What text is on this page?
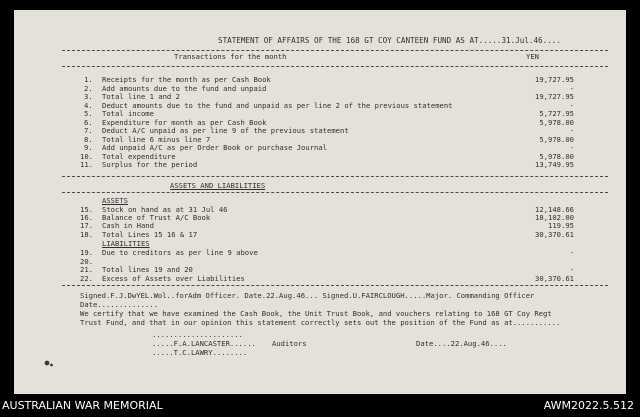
STATEMENT OF AFFAIRS OF THE 168 GT COY CANTEEN FUND AS AT.....31.Jul.46....
Transactions for the month	YEN
1. Receipts for the month as per Cash Book	19,727.95
2. Add amounts due to the fund and unpaid	-
3. Total line 1 and 2	19,727.95
4. Deduct amounts due to the fund and unpaid as per line 2 of the previous statement	-
5. Total income	5,727.95
6. Expenditure for month as per Cash Book	5,978.00
7. Deduct A/C unpaid as per line 9 of the previous statement	-
8. Total line 6 minus line 7	5,978.00
9. Add unpaid A/C as per Order Book or purchase Journal	-
10. Total expenditure	5,978.00
11. Surplus for the period	13,749.95
ASSETS AND LIABILITIES
ASSETS
15. Stock on hand as at 31 Jul 46	12,148.66
16. Balance of Trust A/C Book	18,102.00
17. Cash in Hand	119.95
18. Total Lines 15 16 & 17	30,370.61
LIABILITIES
19. Due to creditors as per line 9 above	-
20.
21. Total lines 19 and 20	-
22. Excess of Assets over Liabilities	30,370.61
Signed.F.J.DwYEL.Wol..forAdm Officer. Date.22.Aug.46... Signed.U.FAIRCLOUGH.....Major. Commanding Officer
Date..............
We certify that we have examined the Cash Book, the Unit Trust Book, and vouchers relating to 168 GT Coy Regt
Trust Fund, and that in our opinion this statement correctly sets out the position of the Fund as at...........
.....................
.....F.A.LANCASTER...... Auditors	Date....22.Aug.46....
.....T.C.LAWRY........
AUSTRALIAN WAR MEMORIAL	AWM2022.5.512
